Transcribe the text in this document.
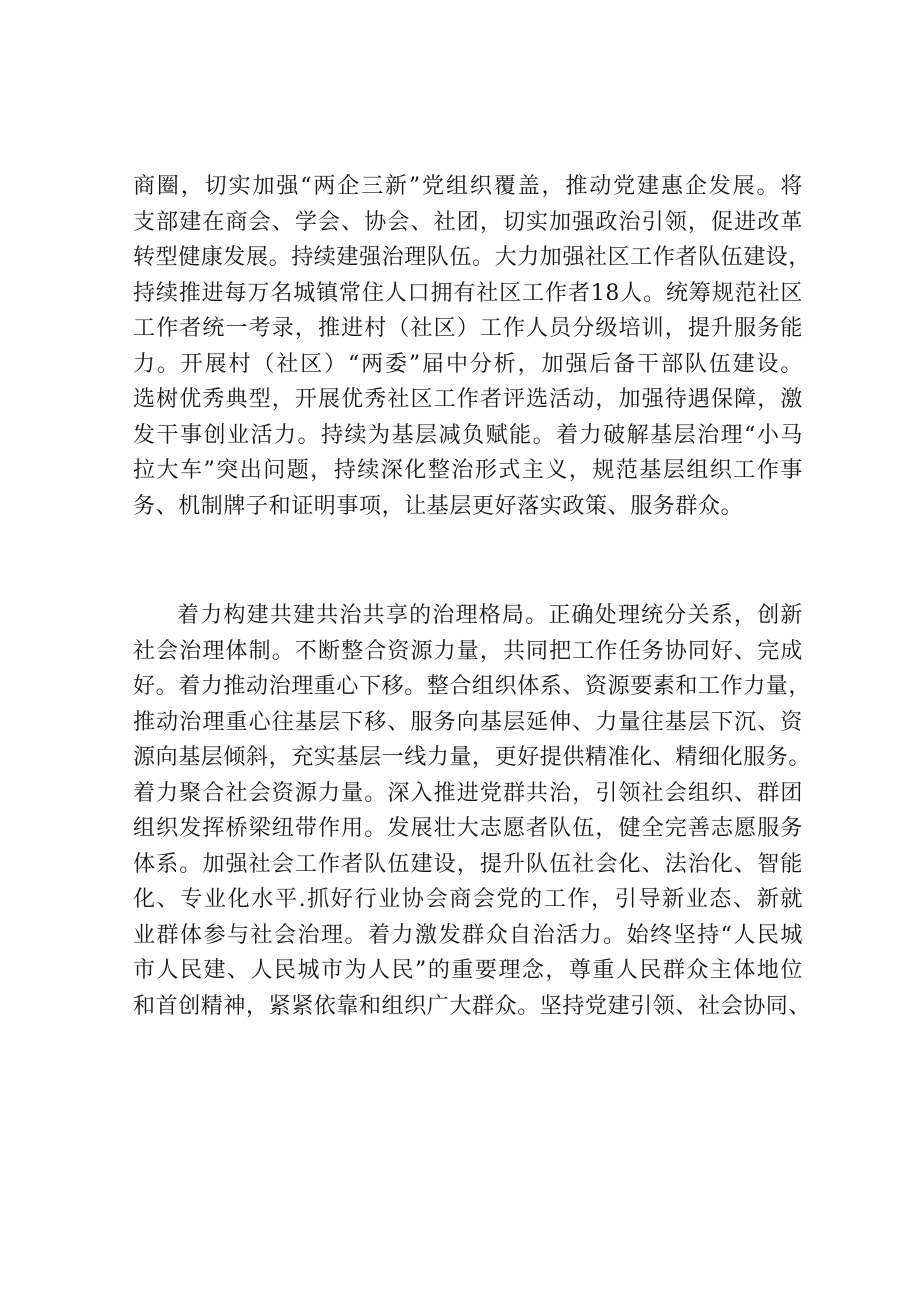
商圈，切实加强“两企三新”党组织覆盖，推动党建惠企发展。将
支部建在商会、学会、协会、社团，切实加强政治引领，促进改革
转型健康发展。持续建强治理队伍。大力加强社区工作者队伍建设，
持续推进每万名城镇常住人口拥有社区工作者18人。统筹规范社区
工作者统一考录，推进村（社区）工作人员分级培训，提升服务能
力。开展村（社区）“两委”届中分析，加强后备干部队伍建设。
选树优秀典型，开展优秀社区工作者评选活动，加强待遇保障，激
发干事创业活力。持续为基层减负赋能。着力破解基层治理“小马
拉大车”突出问题，持续深化整治形式主义，规范基层组织工作事
务、机制牌子和证明事项，让基层更好落实政策、服务群众。
着力构建共建共治共享的治理格局。正确处理统分关系，创新
社会治理体制。不断整合资源力量，共同把工作任务协同好、完成
好。着力推动治理重心下移。整合组织体系、资源要素和工作力量，
推动治理重心往基层下移、服务向基层延伸、力量往基层下沉、资
源向基层倾斜，充实基层一线力量，更好提供精准化、精细化服务。
着力聚合社会资源力量。深入推进党群共治，引领社会组织、群团
组织发挥桥梁纽带作用。发展壮大志愿者队伍，健全完善志愿服务
体系。加强社会工作者队伍建设，提升队伍社会化、法治化、智能
化、专业化水平.抓好行业协会商会党的工作，引导新业态、新就
业群体参与社会治理。着力激发群众自治活力。始终坚持“人民城
市人民建、人民城市为人民”的重要理念，尊重人民群众主体地位
和首创精神，紧紧依靠和组织广大群众。坚持党建引领、社会协同、
